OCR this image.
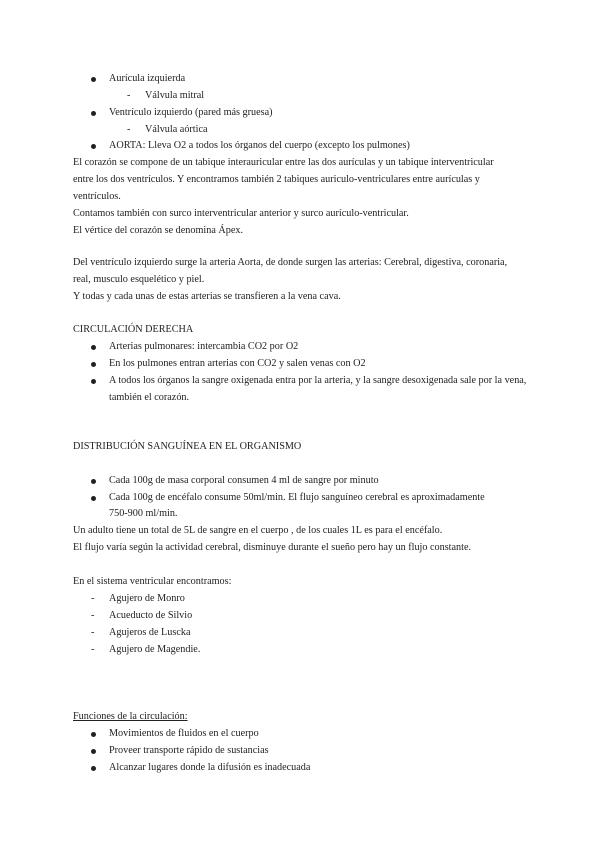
Aurícula izquierda
- Válvula mitral
Ventrículo izquierdo (pared más gruesa)
- Válvula aórtica
AORTA: Lleva O2 a todos los órganos del cuerpo (excepto los pulmones)
El corazón se compone de un tabique interauricular entre las dos aurículas y un tabique interventricular
entre los dos ventrículos. Y encontramos también 2 tabiques auriculo-ventriculares entre aurículas y
ventrículos.
Contamos también con surco interventricular anterior y surco aurículo-ventricular.
El vértice del corazón se denomina Ápex.
Del ventrículo izquierdo surge la arteria Aorta, de donde surgen las arterias: Cerebral, digestiva, coronaria,
real, musculo esquelético y piel.
Y todas y cada unas de estas arterias se transfieren a la vena cava.
CIRCULACIÓN DERECHA
Arterias pulmonares: intercambia CO2 por O2
En los pulmones entran arterias con CO2 y salen venas con O2
A todos los órganos la sangre oxigenada entra por la arteria, y la sangre desoxigenada sale por la vena,
también el corazón.
DISTRIBUCIÓN SANGUÍNEA EN EL ORGANISMO
Cada 100g de masa corporal consumen 4 ml de sangre por minuto
Cada 100g de encéfalo consume 50ml/min. El flujo sanguíneo cerebral es aproximadamente
750-900 ml/min.
Un adulto tiene un total de 5L de sangre en el cuerpo , de los cuales 1L es para el encéfalo.
El flujo varía según la actividad cerebral, disminuye durante el sueño pero hay un flujo constante.
En el sistema ventricular encontramos:
- Agujero de Monro
- Acueducto de Silvio
- Agujeros de Luscka
- Agujero de Magendie.
Funciones de la circulación:
Movimientos de fluidos en el cuerpo
Proveer transporte rápido de sustancias
Alcanzar lugares donde la difusión es inadecuada
